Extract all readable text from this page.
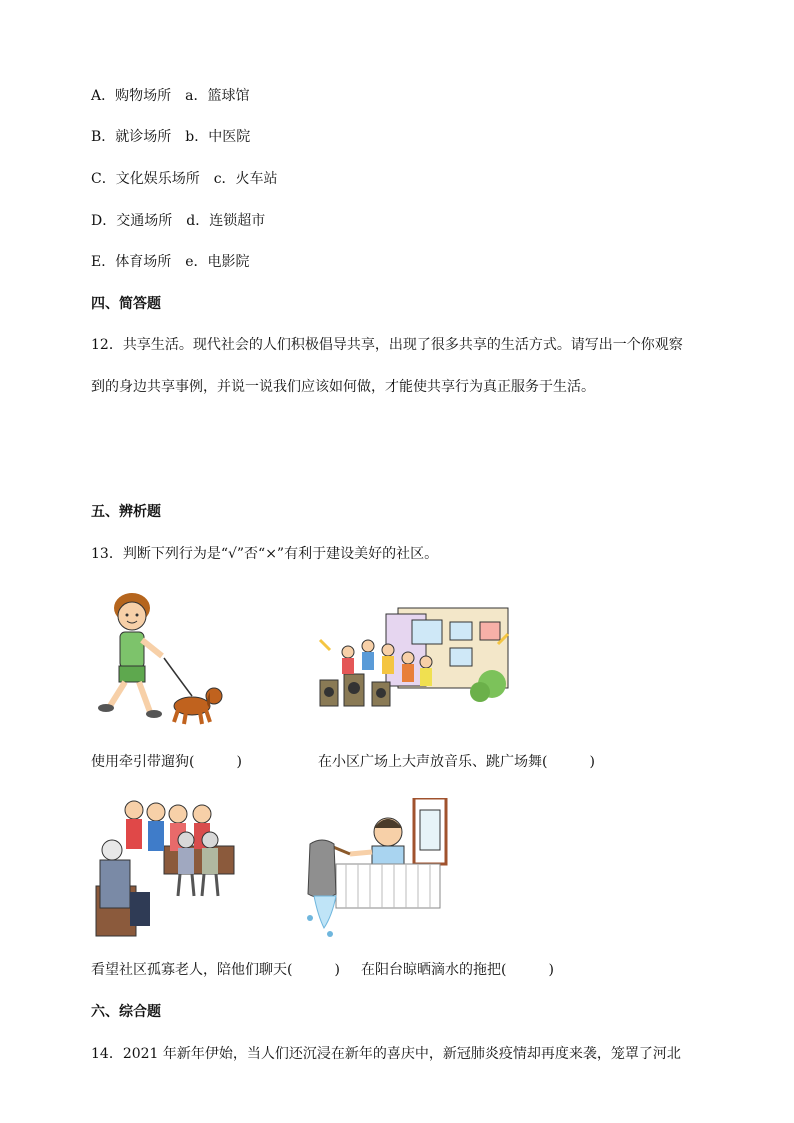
A．购物场所 a．篮球馆
B．就诊场所 b．中医院
C．文化娱乐场所 c．火车站
D．交通场所 d．连锁超市
E．体育场所 e．电影院
四、简答题
12．共享生活。现代社会的人们积极倡导共享，出现了很多共享的生活方式。请写出一个你观察
到的身边共享事例，并说一说我们应该如何做，才能使共享行为真正服务于生活。
五、辨析题
13．判断下列行为是“√”否“×”有利于建设美好的社区。
使用牵引带遛狗(　　　)	在小区广场上大声放音乐、跳广场舞(　　　)
看望社区孤寡老人，陪他们聊天(　　　) 在阳台晾晒滴水的拖把(　　　)
六、综合题
14．2021 年新年伊始，当人们还沉浸在新年的喜庆中，新冠肺炎疫情却再度来袭，笼罩了河北
